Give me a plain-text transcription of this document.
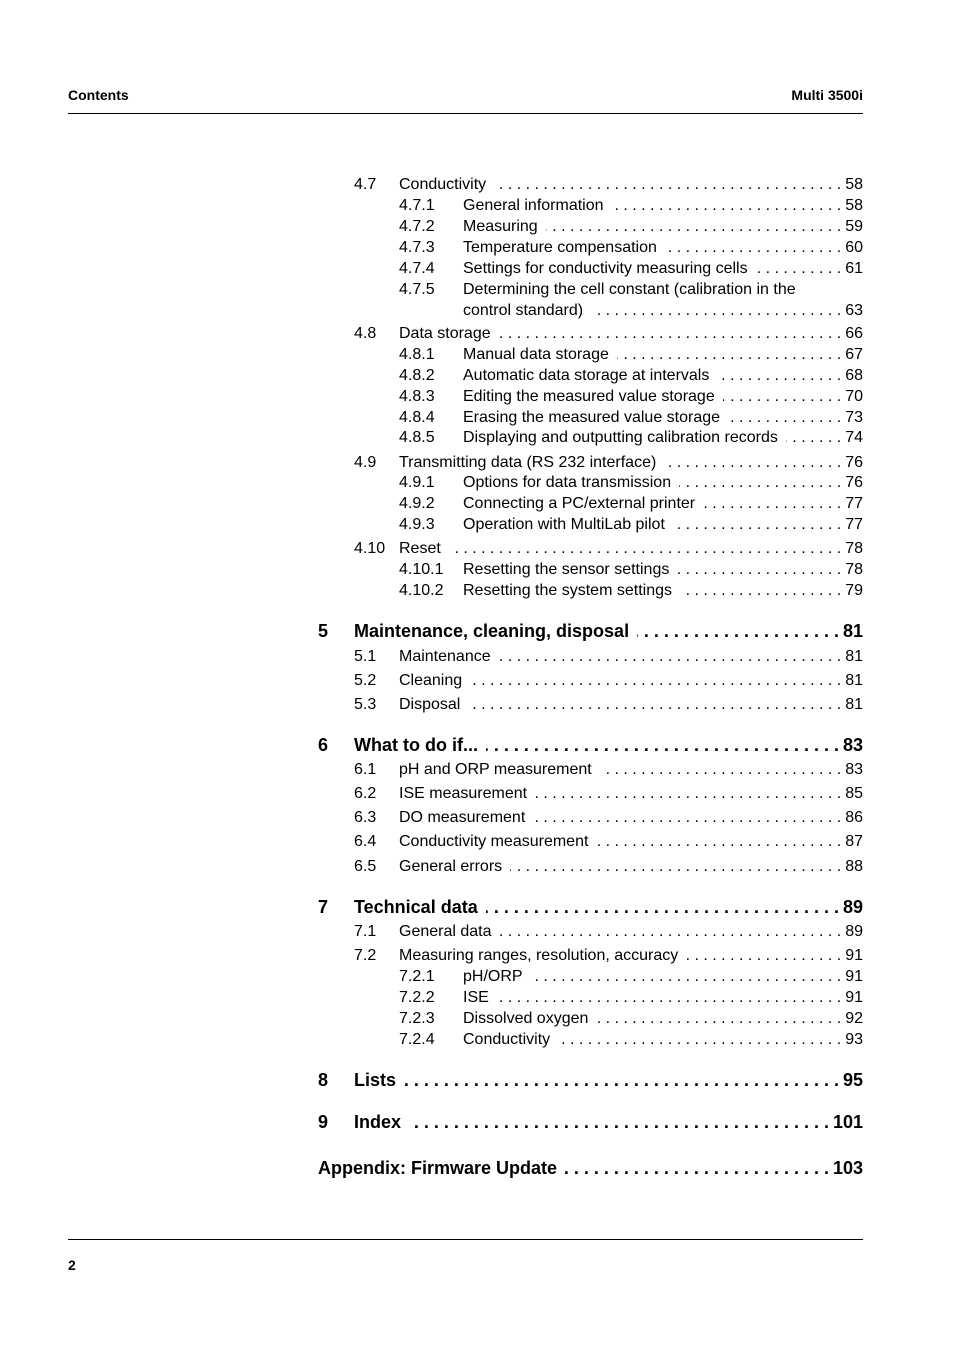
Contents	Multi 3500i
4.7	Conductivity . . .	58
4.7.1	General information . . .	58
4.7.2	Measuring . . .	59
4.7.3	Temperature compensation . . .	60
4.7.4	Settings for conductivity measuring cells . . .	61
4.7.5	Determining the cell constant (calibration in the
control standard) . . .	63
4.8	Data storage . . .	66
4.8.1	Manual data storage . . .	67
4.8.2	Automatic data storage at intervals . . .	68
4.8.3	Editing the measured value storage . . .	70
4.8.4	Erasing the measured value storage . . .	73
4.8.5	Displaying and outputting calibration records . . .	74
4.9	Transmitting data (RS 232 interface) . . .	76
4.9.1	Options for data transmission . . .	76
4.9.2	Connecting a PC/external printer . . .	77
4.9.3	Operation with MultiLab pilot . . .	77
4.10 Reset . . .	78
4.10.1	Resetting the sensor settings . . .	78
4.10.2	Resetting the system settings . . .	79
5	Maintenance, cleaning, disposal . . .	81
5.1	Maintenance . . .	81
5.2	Cleaning . . .	81
5.3	Disposal . . .	81
6	What to do if... . . .	83
6.1	pH and ORP measurement . . .	83
6.2	ISE measurement . . .	85
6.3	DO measurement . . .	86
6.4	Conductivity measurement . . .	87
6.5	General errors . . .	88
7	Technical data . . .	89
7.1	General data . . .	89
7.2	Measuring ranges, resolution, accuracy . . .	91
7.2.1	pH/ORP . . .	91
7.2.2	ISE . . .	91
7.2.3	Dissolved oxygen . . .	92
7.2.4	Conductivity . . .	93
8	Lists . . .	95
9	Index . . .	101
Appendix: Firmware Update . . .	103
2
